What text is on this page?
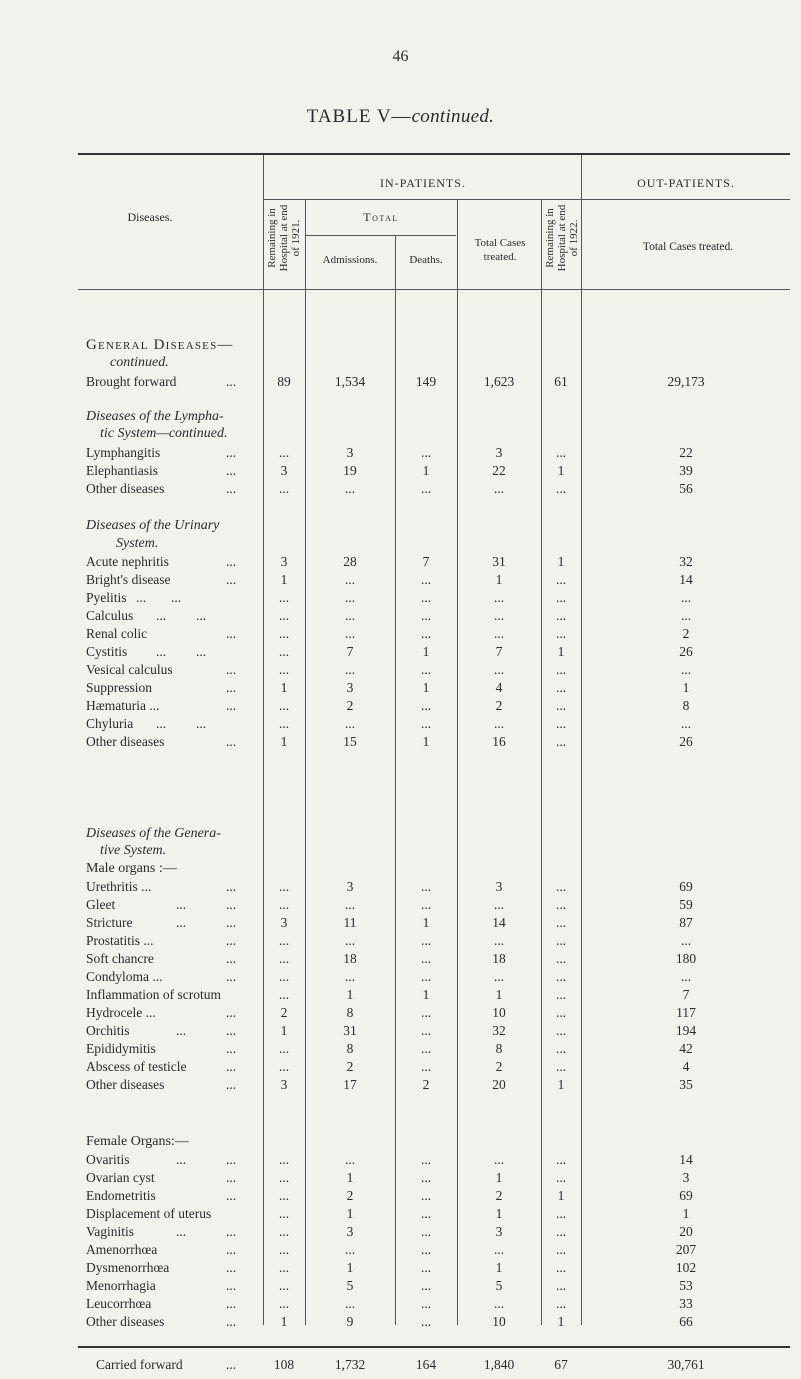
46
TABLE V—continued.
Diseases.
IN-PATIENTS.	OUT-PATIENTS.
Remaining in Hospital at end of 1921.
Total
Admissions.	Deaths.
Total Cases treated.	Remaining in Hospital at end of 1922.	Total Cases treated.
General Diseases—
continued.
Diseases of the Lympha-
tic System—continued.
Diseases of the Urinary
System.
Diseases of the Genera-
tive System.
Male organs :—
Female Organs:—
Brought forward	...	89	1,534	149	1,623	61	29,173
Lymphangitis	...	...	3	...	3	...	22
Elephantiasis	...	3	19	1	22	1	39
Other diseases	...	...	...	...	...	...	56
Acute nephritis	...	3	28	7	31	1	32
Bright's disease	...	1	...	...	1	...	14
Pyelitis ... ...	...	...	...	...	...	...
Calculus ... ...	...	...	...	...	...	...
Renal colic	...	...	...	...	...	...	2
Cystitis ... ...	...	7	1	7	1	26
Vesical calculus	...	...	...	...	...	...	...
Suppression	...	1	3	1	4	...	1
Hæmaturia ...	...	...	2	...	2	...	8
Chyluria ... ...	...	...	...	...	...	...
Other diseases	...	1	15	1	16	...	26
Urethritis ...	...	...	3	...	3	...	69
Gleet	...	...	...	...	...	...	...	59
Stricture	...	...	3	11	1	14	...	87
Prostatitis ...	...	...	...	...	...	...	...
Soft chancre	...	...	18	...	18	...	180
Condyloma ...	...	...	...	...	...	...	...
Inflammation of scrotum	...	1	1	1	...	7
Hydrocele ...	...	2	8	...	10	...	117
Orchitis	...	...	1	31	...	32	...	194
Epididymitis	...	...	8	...	8	...	42
Abscess of testicle	...	...	2	...	2	...	4
Other diseases	...	3	17	2	20	1	35
Ovaritis	...	...	...	...	...	...	...	14
Ovarian cyst	...	...	1	...	1	...	3
Endometritis	...	...	2	...	2	1	69
Displacement of uterus	...	1	...	1	...	1
Vaginitis	...	...	...	3	...	3	...	20
Amenorrhœa	...	...	...	...	...	...	207
Dysmenorrhœa	...	...	1	...	1	...	102
Menorrhagia	...	...	5	...	5	...	53
Leucorrhœa	...	...	...	...	...	...	33
Other diseases	...	1	9	...	10	1	66
Carried forward	...	108	1,732	164	1,840	67	30,761
